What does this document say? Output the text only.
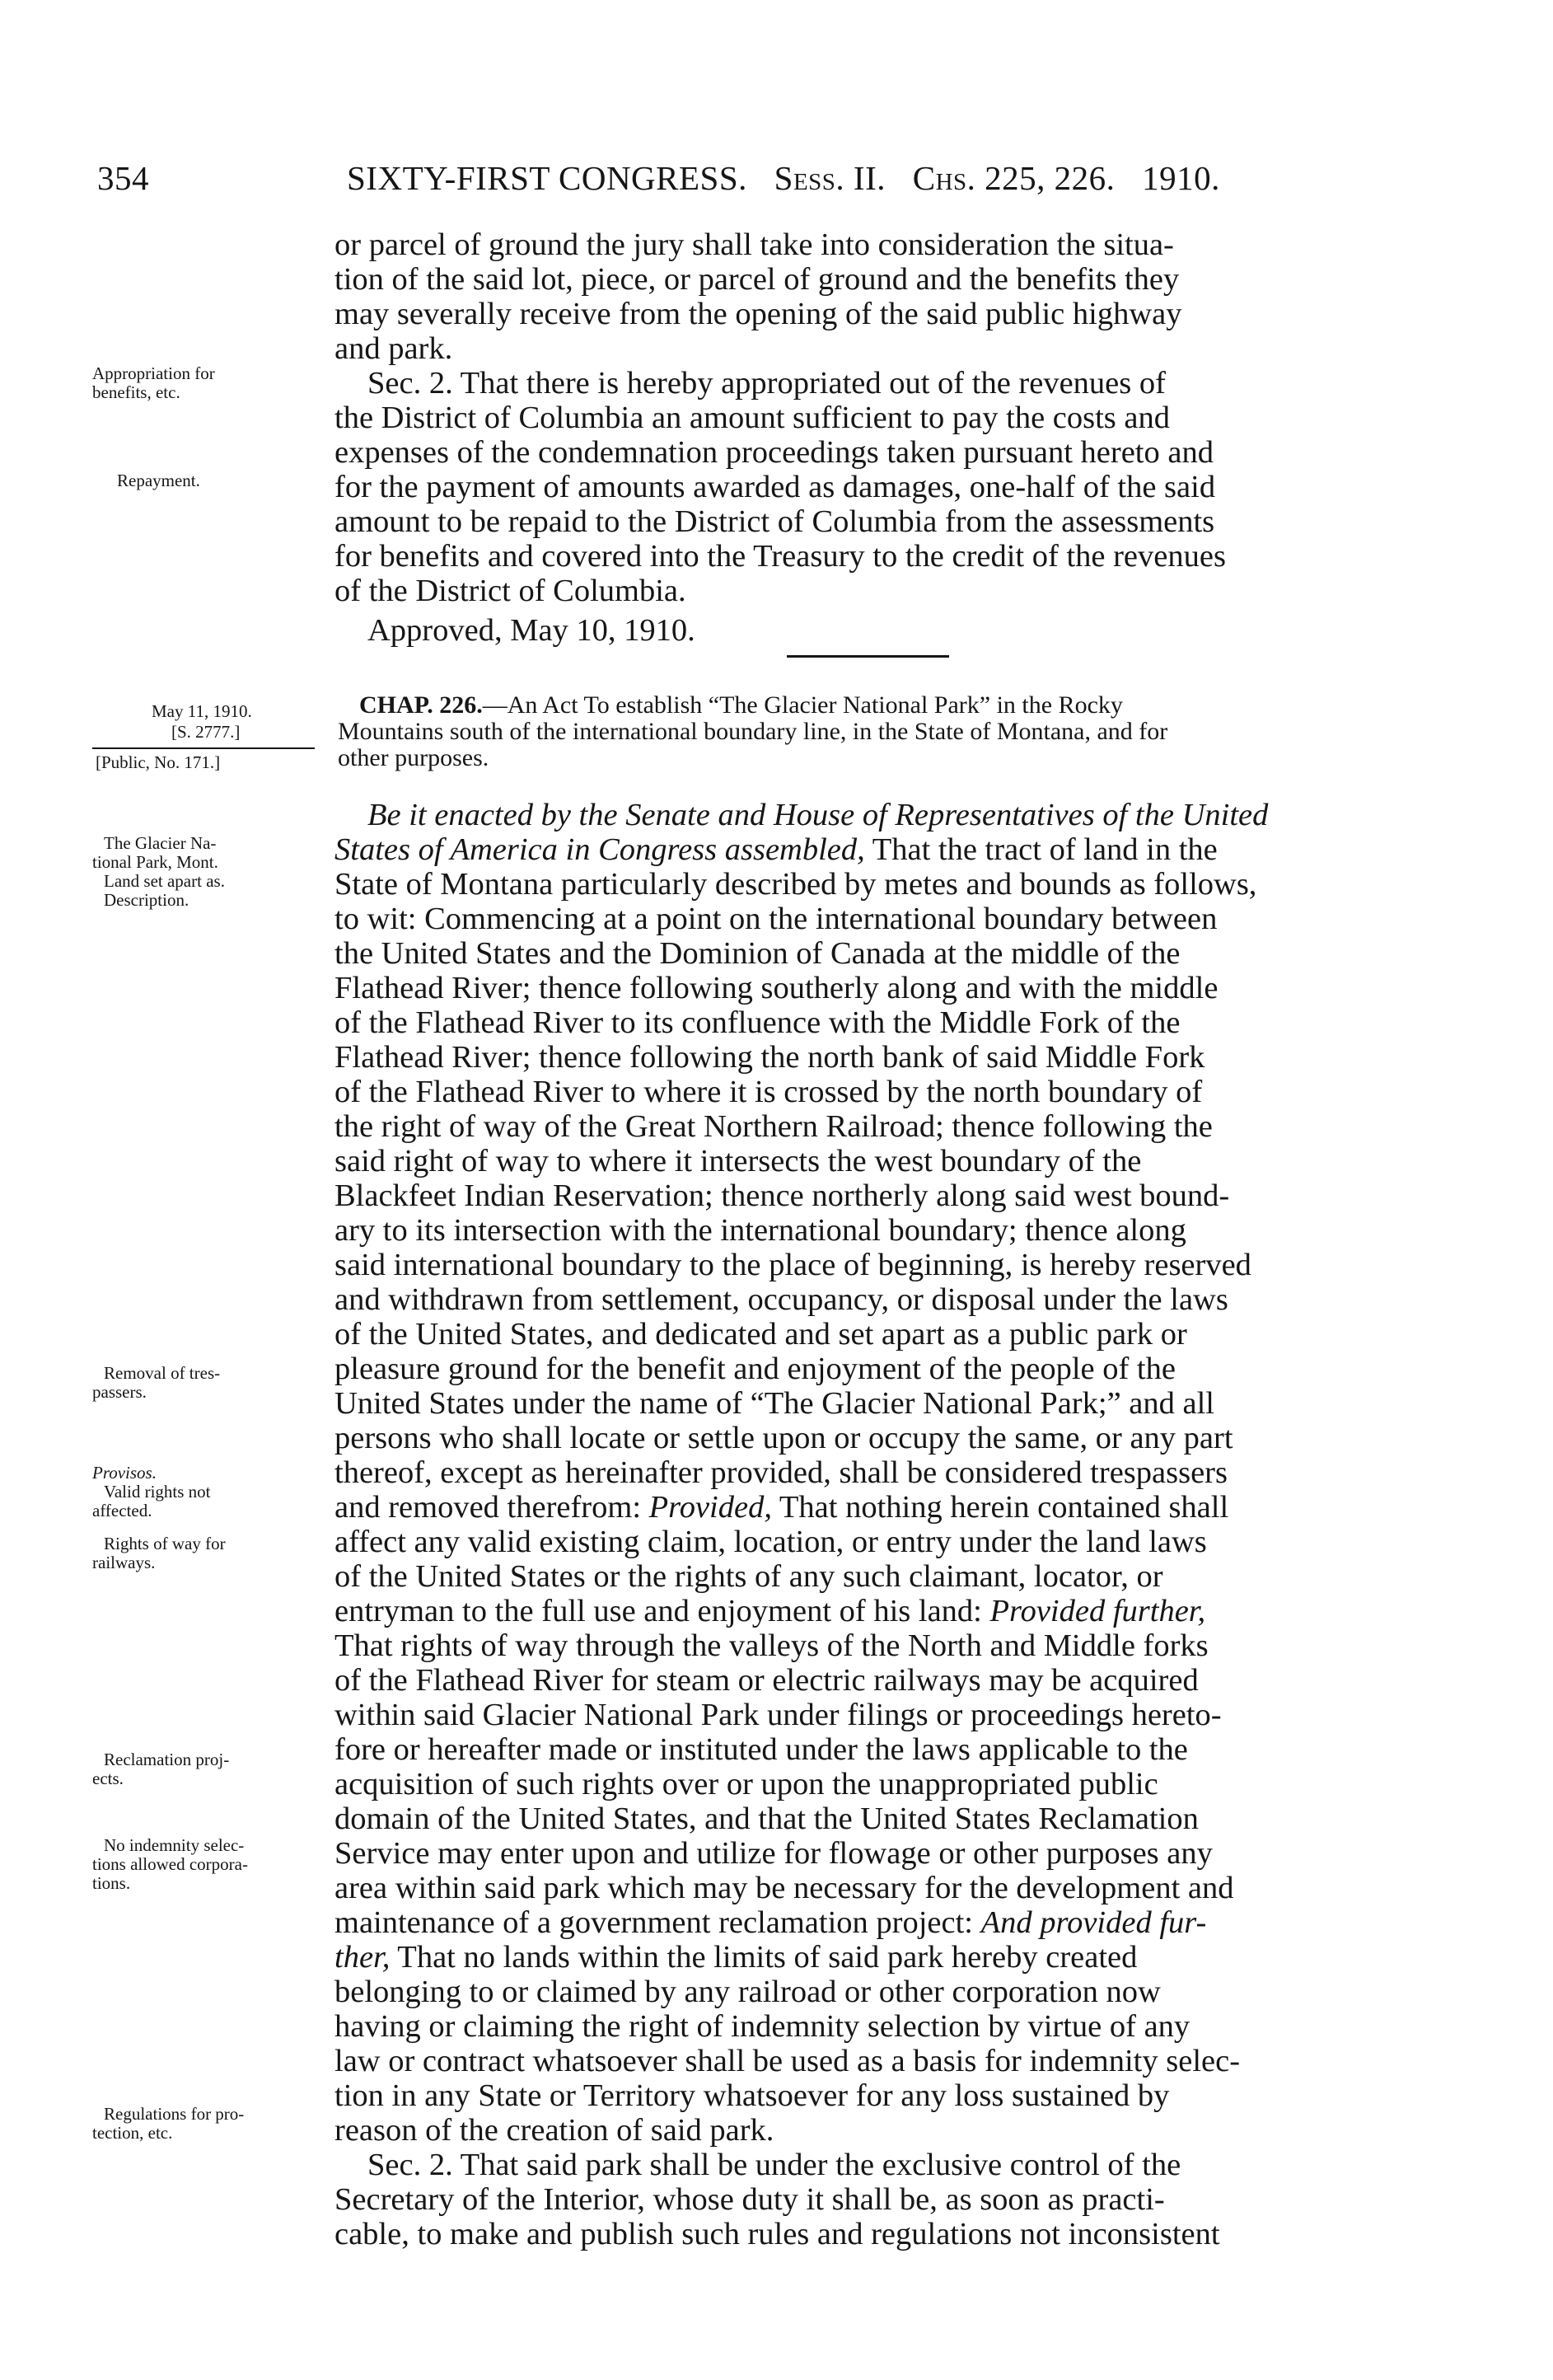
354	SIXTY-FIRST CONGRESS. Sess. II. Chs. 225, 226. 1910.

or parcel of ground the jury shall take into consideration the situa-

tion of the said lot, piece, or parcel of ground and the benefits they

may severally receive from the opening of the said public highway

and park.

Sec. 2. That there is hereby appropriated out of the revenues of

the District of Columbia an amount sufficient to pay the costs and

expenses of the condemnation proceedings taken pursuant hereto and

for the payment of amounts awarded as damages, one-half of the said

amount to be repaid to the District of Columbia from the assessments

for benefits and covered into the Treasury to the credit of the revenues

of the District of Columbia.

Approved, May 10, 1910.

Appropriation for

benefits, etc.

Repayment.

May 11, 1910.

[S. 2777.]

[Public, No. 171.]

CHAP. 226.—An Act To establish “The Glacier National Park” in the Rocky

Mountains south of the international boundary line, in the State of Montana, and for

other purposes.

Be it enacted by the Senate and House of Representatives of the United

States of America in Congress assembled, That the tract of land in the

State of Montana particularly described by metes and bounds as follows,

to wit: Commencing at a point on the international boundary between

the United States and the Dominion of Canada at the middle of the

Flathead River; thence following southerly along and with the middle

of the Flathead River to its confluence with the Middle Fork of the

Flathead River; thence following the north bank of said Middle Fork

of the Flathead River to where it is crossed by the north boundary of

the right of way of the Great Northern Railroad; thence following the

said right of way to where it intersects the west boundary of the

Blackfeet Indian Reservation; thence northerly along said west bound-

ary to its intersection with the international boundary; thence along

said international boundary to the place of beginning, is hereby reserved

and withdrawn from settlement, occupancy, or disposal under the laws

of the United States, and dedicated and set apart as a public park or

pleasure ground for the benefit and enjoyment of the people of the

United States under the name of “The Glacier National Park;” and all

persons who shall locate or settle upon or occupy the same, or any part

thereof, except as hereinafter provided, shall be considered trespassers

and removed therefrom: Provided, That nothing herein contained shall

affect any valid existing claim, location, or entry under the land laws

of the United States or the rights of any such claimant, locator, or

entryman to the full use and enjoyment of his land: Provided further,

That rights of way through the valleys of the North and Middle forks

of the Flathead River for steam or electric railways may be acquired

within said Glacier National Park under filings or proceedings hereto-

fore or hereafter made or instituted under the laws applicable to the

acquisition of such rights over or upon the unappropriated public

domain of the United States, and that the United States Reclamation

Service may enter upon and utilize for flowage or other purposes any

area within said park which may be necessary for the development and

maintenance of a government reclamation project: And provided fur-

ther, That no lands within the limits of said park hereby created

belonging to or claimed by any railroad or other corporation now

having or claiming the right of indemnity selection by virtue of any

law or contract whatsoever shall be used as a basis for indemnity selec-

tion in any State or Territory whatsoever for any loss sustained by

reason of the creation of said park.

Sec. 2. That said park shall be under the exclusive control of the

Secretary of the Interior, whose duty it shall be, as soon as practi-

cable, to make and publish such rules and regulations not inconsistent

The Glacier Na-

tional Park, Mont.

Land set apart as.

Description.

Removal of tres-

passers.

Provisos.

Valid rights not

affected.

Rights of way for

railways.

Reclamation proj-

ects.

No indemnity selec-

tions allowed corpora-

tions.

Regulations for pro-

tection, etc.
